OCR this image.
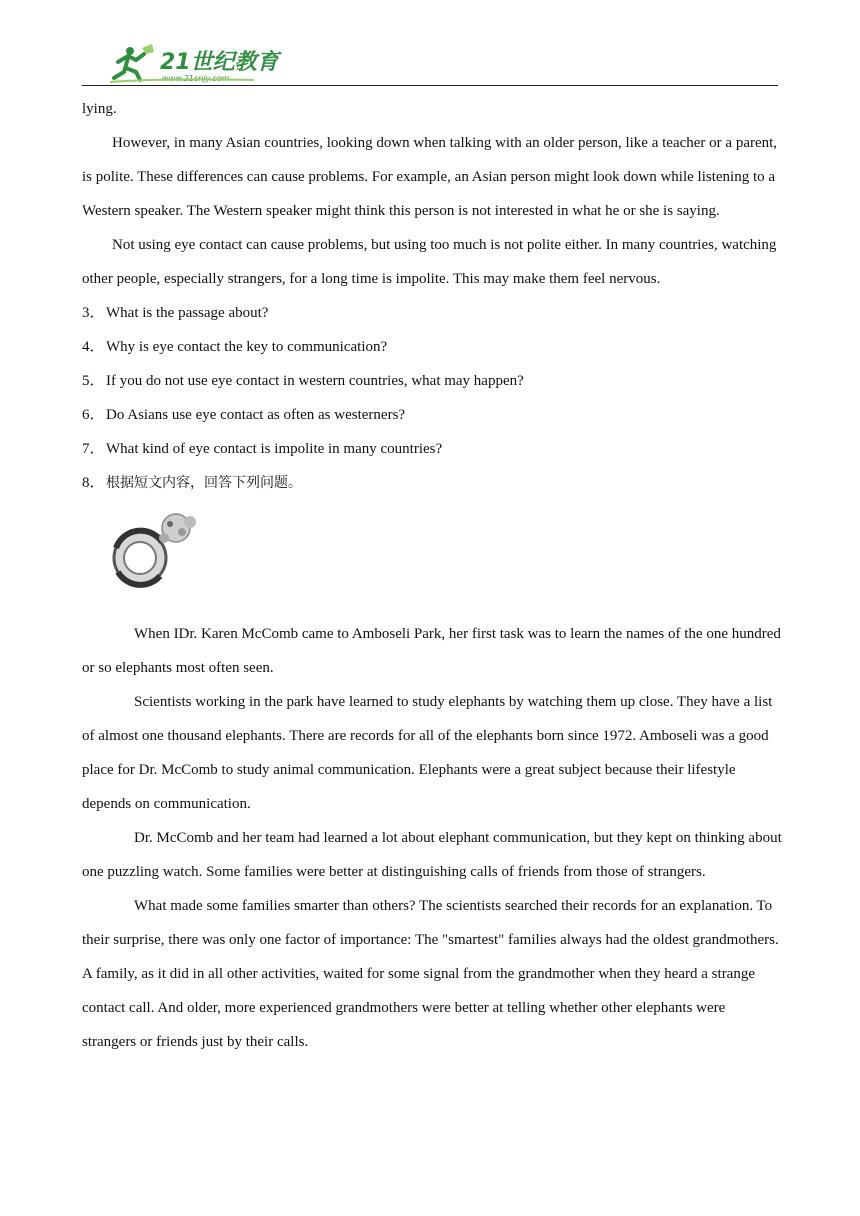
21世纪教育
www.21cnjy.com

lying.

However, in many Asian countries, looking down when talking with an older person, like a teacher or a parent, is polite. These differences can cause problems. For example, an Asian person might look down while listening to a Western speaker. The Western speaker might think this person is not interested in what he or she is saying.

Not using eye contact can cause problems, but using too much is not polite either. In many countries, watching other people, especially strangers, for a long time is impolite. This may make them feel nervous.

3．What is the passage about?

4．Why is eye contact the key to communication?

5．If you do not use eye contact in western countries, what may happen?

6．Do Asians use eye contact as often as westerners?

7．What kind of eye contact is impolite in many countries?

8．根据短文内容，回答下列问题。

When IDr. Karen McComb came to Amboseli Park, her first task was to learn the names of the one hundred or so elephants most often seen.

Scientists working in the park have learned to study elephants by watching them up close. They have a list of almost one thousand elephants. There are records for all of the elephants born since 1972. Amboseli was a good place for Dr. McComb to study animal communication. Elephants were a great subject because their lifestyle depends on communication.

Dr. McComb and her team had learned a lot about elephant communication, but they kept on thinking about one puzzling watch. Some families were better at distinguishing calls of friends from those of strangers.

What made some families smarter than others? The scientists searched their records for an explanation. To their surprise, there was only one factor of importance: The "smartest" families always had the oldest grandmothers. A family, as it did in all other activities, waited for some signal from the grandmother when they heard a strange contact call. And older, more experienced grandmothers were better at telling whether other elephants were strangers or friends just by their calls.
